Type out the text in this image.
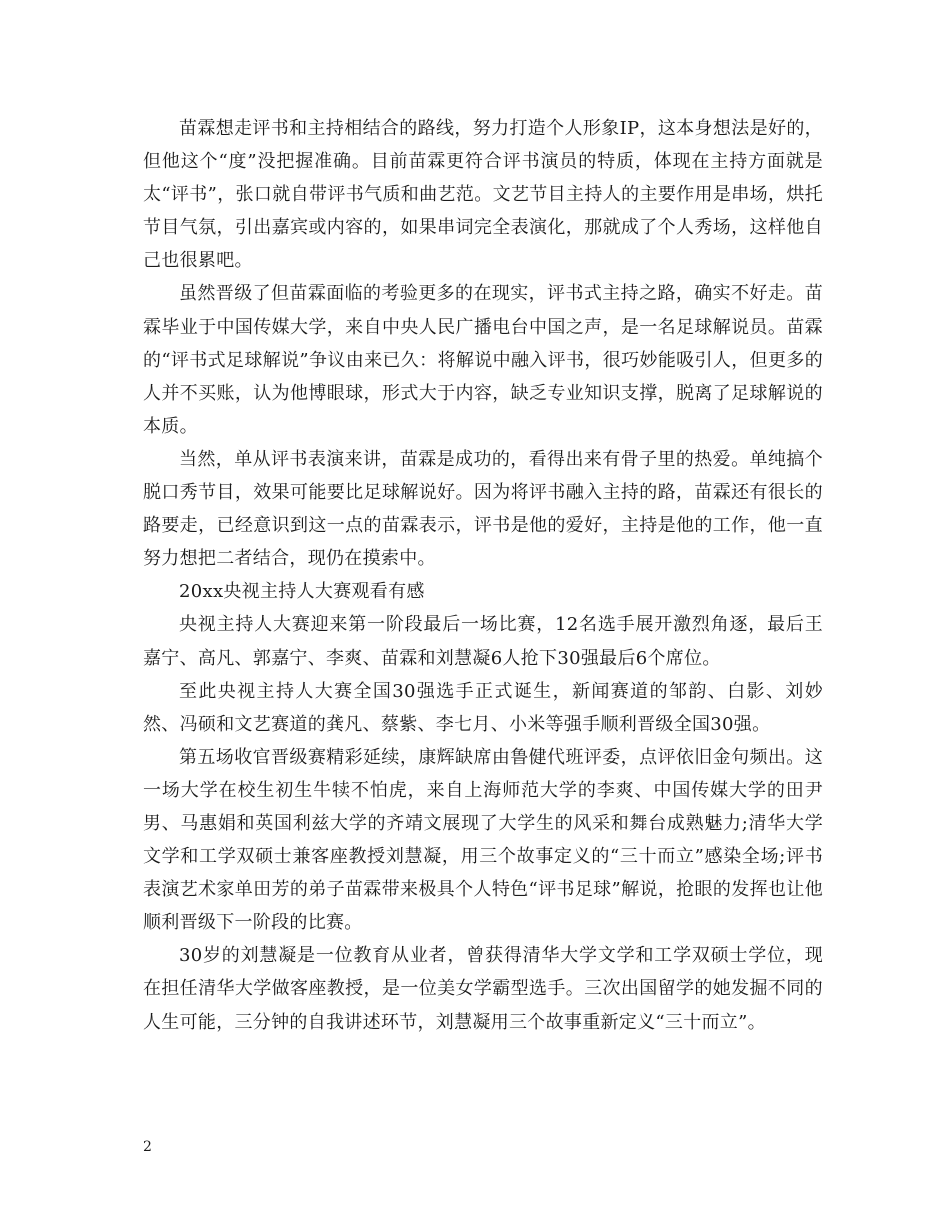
苗霖想走评书和主持相结合的路线，努力打造个人形象IP，这本身想法是好的，但他这个“度”没把握准确。目前苗霖更符合评书演员的特质，体现在主持方面就是太“评书”，张口就自带评书气质和曲艺范。文艺节目主持人的主要作用是串场，烘托节目气氛，引出嘉宾或内容的，如果串词完全表演化，那就成了个人秀场，这样他自己也很累吧。

虽然晋级了但苗霖面临的考验更多的在现实，评书式主持之路，确实不好走。苗霖毕业于中国传媒大学，来自中央人民广播电台中国之声，是一名足球解说员。苗霖的“评书式足球解说”争议由来已久：将解说中融入评书，很巧妙能吸引人，但更多的人并不买账，认为他博眼球，形式大于内容，缺乏专业知识支撑，脱离了足球解说的本质。

当然，单从评书表演来讲，苗霖是成功的，看得出来有骨子里的热爱。单纯搞个脱口秀节目，效果可能要比足球解说好。因为将评书融入主持的路，苗霖还有很长的路要走，已经意识到这一点的苗霖表示，评书是他的爱好，主持是他的工作，他一直努力想把二者结合，现仍在摸索中。

20xx央视主持人大赛观看有感

央视主持人大赛迎来第一阶段最后一场比赛，12名选手展开激烈角逐，最后王嘉宁、高凡、郭嘉宁、李爽、苗霖和刘慧凝6人抢下30强最后6个席位。

至此央视主持人大赛全国30强选手正式诞生，新闻赛道的邹韵、白影、刘妙然、冯硕和文艺赛道的龚凡、蔡紫、李七月、小米等强手顺利晋级全国30强。

第五场收官晋级赛精彩延续，康辉缺席由鲁健代班评委，点评依旧金句频出。这一场大学在校生初生牛犊不怕虎，来自上海师范大学的李爽、中国传媒大学的田尹男、马惠娟和英国利兹大学的齐靖文展现了大学生的风采和舞台成熟魅力;清华大学文学和工学双硕士兼客座教授刘慧凝，用三个故事定义的“三十而立”感染全场;评书表演艺术家单田芳的弟子苗霖带来极具个人特色“评书足球”解说，抢眼的发挥也让他顺利晋级下一阶段的比赛。

30岁的刘慧凝是一位教育从业者，曾获得清华大学文学和工学双硕士学位，现在担任清华大学做客座教授，是一位美女学霸型选手。三次出国留学的她发掘不同的人生可能，三分钟的自我讲述环节，刘慧凝用三个故事重新定义“三十而立”。

2
